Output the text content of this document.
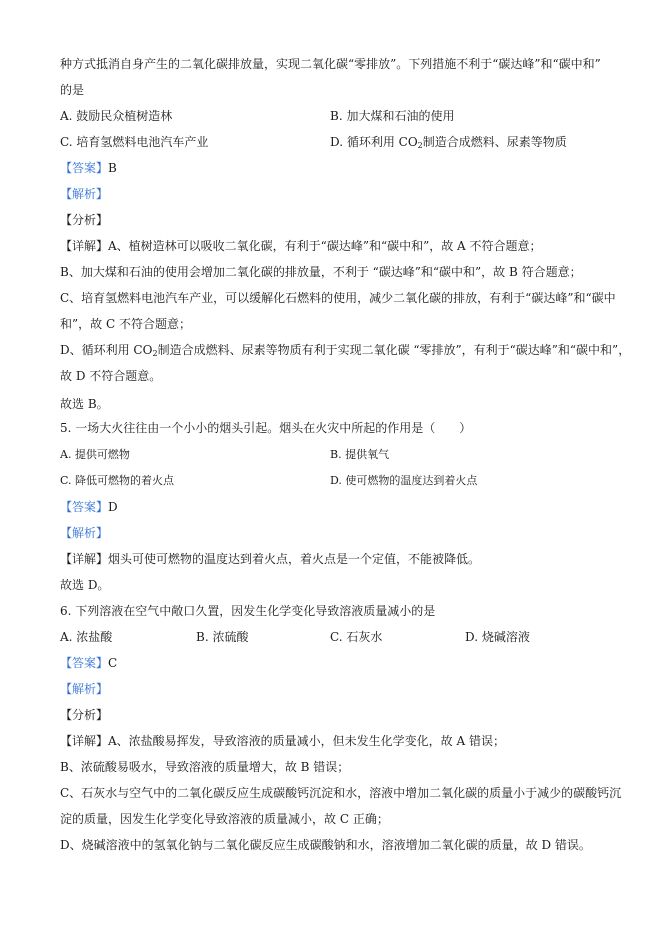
种方式抵消自身产生的二氧化碳排放量，实现二氧化碳“零排放”。下列措施不利于“碳达峰”和“碳中和”
的是
A. 鼓励民众植树造林	B. 加大煤和石油的使用
C. 培育氢燃料电池汽车产业	D. 循环利用 $CO_2$制造合成燃料、尿素等物质
【答案】B
【解析】
【分析】
【详解】A、植树造林可以吸收二氧化碳，有利于“碳达峰”和“碳中和”，故 A 不符合题意；
B、加大煤和石油的使用会增加二氧化碳的排放量，不利于 “碳达峰”和“碳中和”，故 B 符合题意；
C、培育氢燃料电池汽车产业，可以缓解化石燃料的使用，减少二氧化碳的排放，有利于“碳达峰”和“碳中
和”，故 C 不符合题意；
D、循环利用 $CO_2$制造合成燃料、尿素等物质有利于实现二氧化碳 “零排放”，有利于“碳达峰”和“碳中和”，
故 D 不符合题意。
故选 B。
5. 一场大火往往由一个小小的烟头引起。烟头在火灾中所起的作用是（　　）
A. 提供可燃物	B. 提供氧气
C. 降低可燃物的着火点	D. 使可燃物的温度达到着火点
【答案】D
【解析】
【详解】烟头可使可燃物的温度达到着火点，着火点是一个定值，不能被降低。
故选 D。
6. 下列溶液在空气中敞口久置，因发生化学变化导致溶液质量减小的是
A. 浓盐酸	B. 浓硫酸	C. 石灰水	D. 烧碱溶液
【答案】C
【解析】
【分析】
【详解】A、浓盐酸易挥发，导致溶液的质量减小，但未发生化学变化，故 A 错误；
B、浓硫酸易吸水，导致溶液的质量增大，故 B 错误；
C、石灰水与空气中的二氧化碳反应生成碳酸钙沉淀和水，溶液中增加二氧化碳的质量小于减少的碳酸钙沉
淀的质量，因发生化学变化导致溶液的质量减小，故 C 正确；
D、烧碱溶液中的氢氧化钠与二氧化碳反应生成碳酸钠和水，溶液增加二氧化碳的质量，故 D 错误。
